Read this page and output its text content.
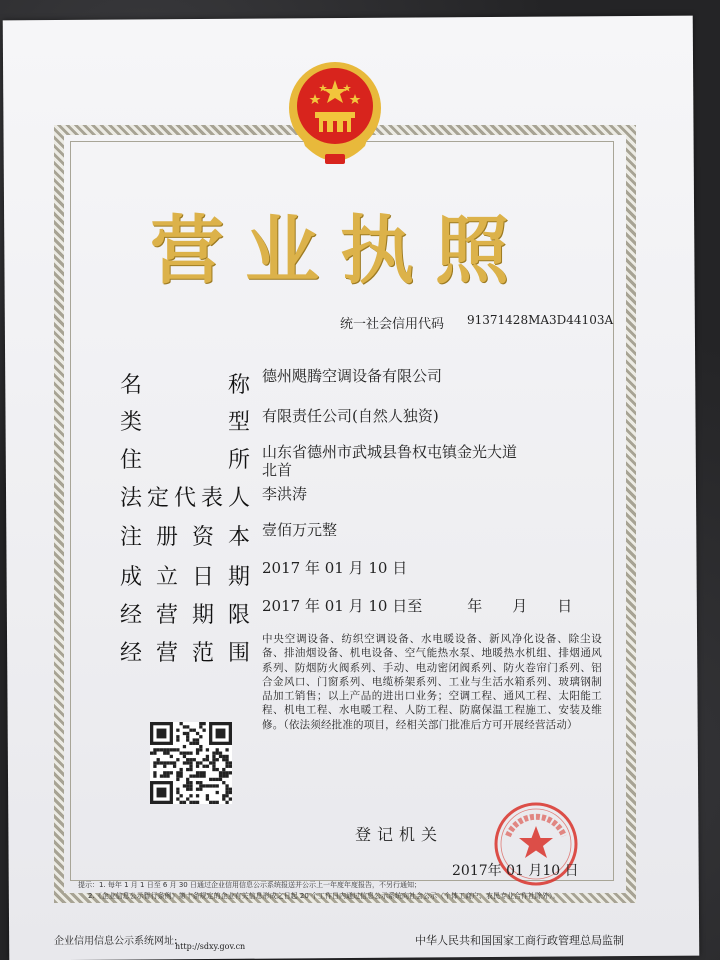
营 业 执 照
统一社会信用代码 91371428MA3D44103A
名	称 德州飓腾空调设备有限公司
类	型 有限责任公司(自然人独资)
住	所 山东省德州市武城县鲁权屯镇金光大道
北首
法 定 代 表 人 李洪涛
注 册 资 本 壹佰万元整
成 立 日 期 2017 年 01 月 10 日
经 营 期 限 2017 年 01 月 10 日至　　　年　　月　　日
经 营 范 围
中央空调设备、纺织空调设备、水电暖设备、新风净化设备、除尘设备、排油烟设备、机电设备、空气能热水泵、地暖热水机组、排烟通风系列、防烟防火阀系列、手动、电动密闭阀系列、防火卷帘门系列、铝合金风口、门窗系列、电缆桥架系列、工业与生活水箱系列、玻璃钢制品加工销售；以上产品的进出口业务；空调工程、通风工程、太阳能工程、机电工程、水电暖工程、人防工程、防腐保温工程施工、安装及维修。（依法须经批准的项目，经相关部门批准后方可开展经营活动）
登记机关
2017年 01 月10 日
提示：1. 每年 1 月 1 日至 6 月 30 日通过企业信用信息公示系统报送并公示上一年度年度报告，不另行通知；
2.《企业信息公示暂行条例》第十条规定的企业有关信息形成之日起 20 个工作日内通过信息公示系统向社会公示（个体工商户、农民专业合作社除外）。
企业信用信息公示系统网址:
http://sdxy.gov.cn	中华人民共和国国家工商行政管理总局监制
